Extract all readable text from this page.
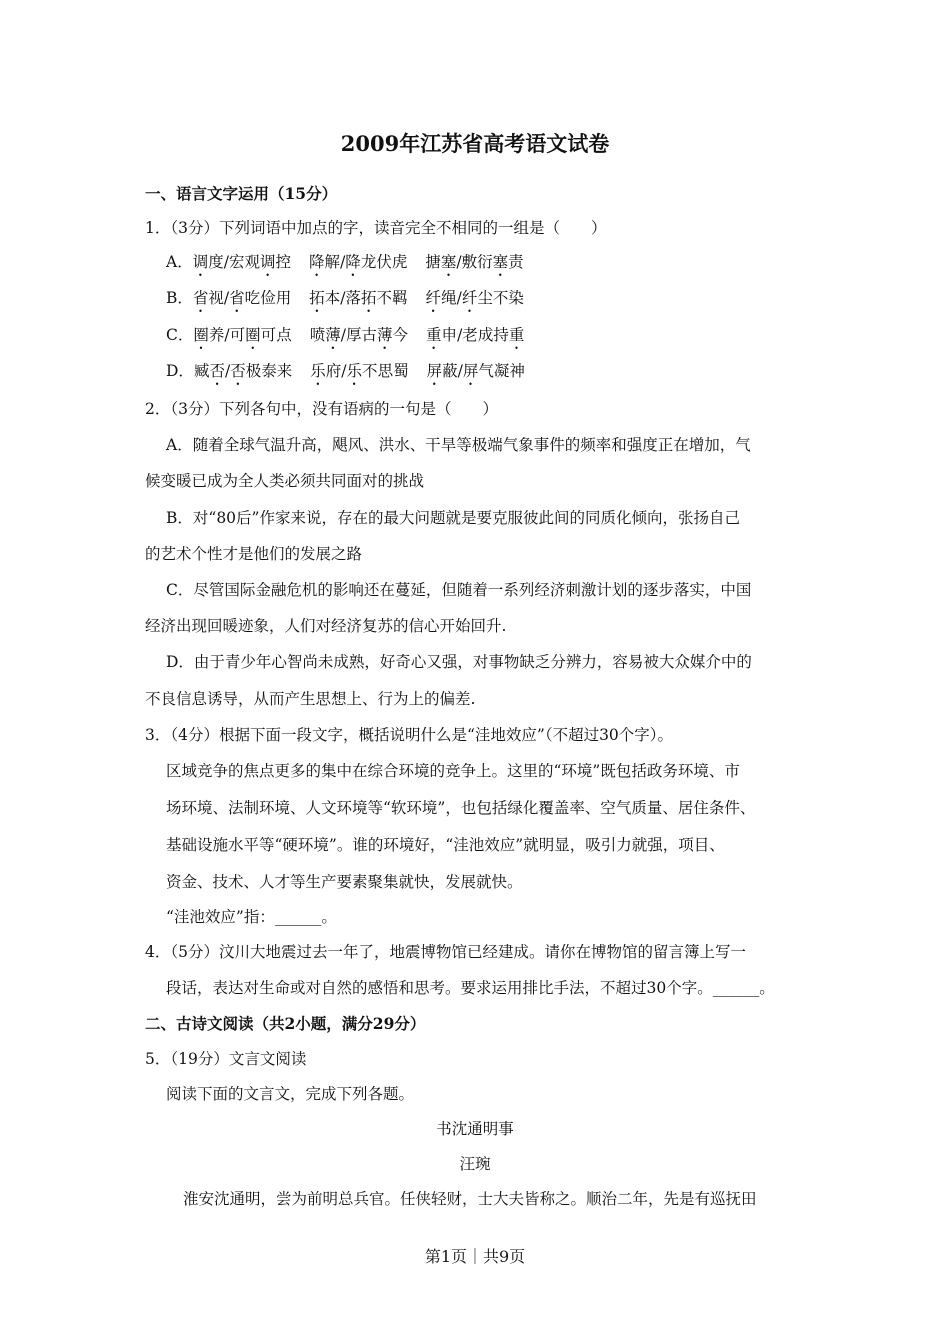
2009年江苏省高考语文试卷
一、语言文字运用（15分）
1．（3分）下列词语中加点的字，读音完全不相同的一组是（　　）
A．调度/宏观调控 降解/降龙伏虎 搪塞/敷衍塞责
B．省视/省吃俭用 拓本/落拓不羁 纤绳/纤尘不染
C．圈养/可圈可点 喷薄/厚古薄今 重申/老成持重
D．臧否/否极泰来 乐府/乐不思蜀 屏蔽/屏气凝神
2．（3分）下列各句中，没有语病的一句是（　　）
A．随着全球气温升高，飓风、洪水、干旱等极端气象事件的频率和强度正在增加，气
候变暖已成为全人类必须共同面对的挑战
B．对“80后”作家来说，存在的最大问题就是要克服彼此间的同质化倾向，张扬自己
的艺术个性才是他们的发展之路
C．尽管国际金融危机的影响还在蔓延，但随着一系列经济刺激计划的逐步落实，中国
经济出现回暖迹象，人们对经济复苏的信心开始回升.
D．由于青少年心智尚未成熟，好奇心又强，对事物缺乏分辨力，容易被大众媒介中的
不良信息诱导，从而产生思想上、行为上的偏差.
3．（4分）根据下面一段文字，概括说明什么是“洼地效应”（不超过30个字）。
区域竞争的焦点更多的集中在综合环境的竞争上。这里的“环境”既包括政务环境、市
场环境、法制环境、人文环境等“软环境”，也包括绿化覆盖率、空气质量、居住条件、
基础设施水平等“硬环境”。谁的环境好，“洼池效应”就明显，吸引力就强，项目、
资金、技术、人才等生产要素聚集就快，发展就快。
“洼池效应”指：______。
4．（5分）汶川大地震过去一年了，地震博物馆已经建成。请你在博物馆的留言簿上写一
段话，表达对生命或对自然的感悟和思考。要求运用排比手法，不超过30个字。______。
二、古诗文阅读（共2小题，满分29分）
5．（19分）文言文阅读
阅读下面的文言文，完成下列各题。
书沈通明事
汪琬
淮安沈通明，尝为前明总兵官。任侠轻财，士大夫皆称之。顺治二年，先是有巡抚田
第1页｜共9页
